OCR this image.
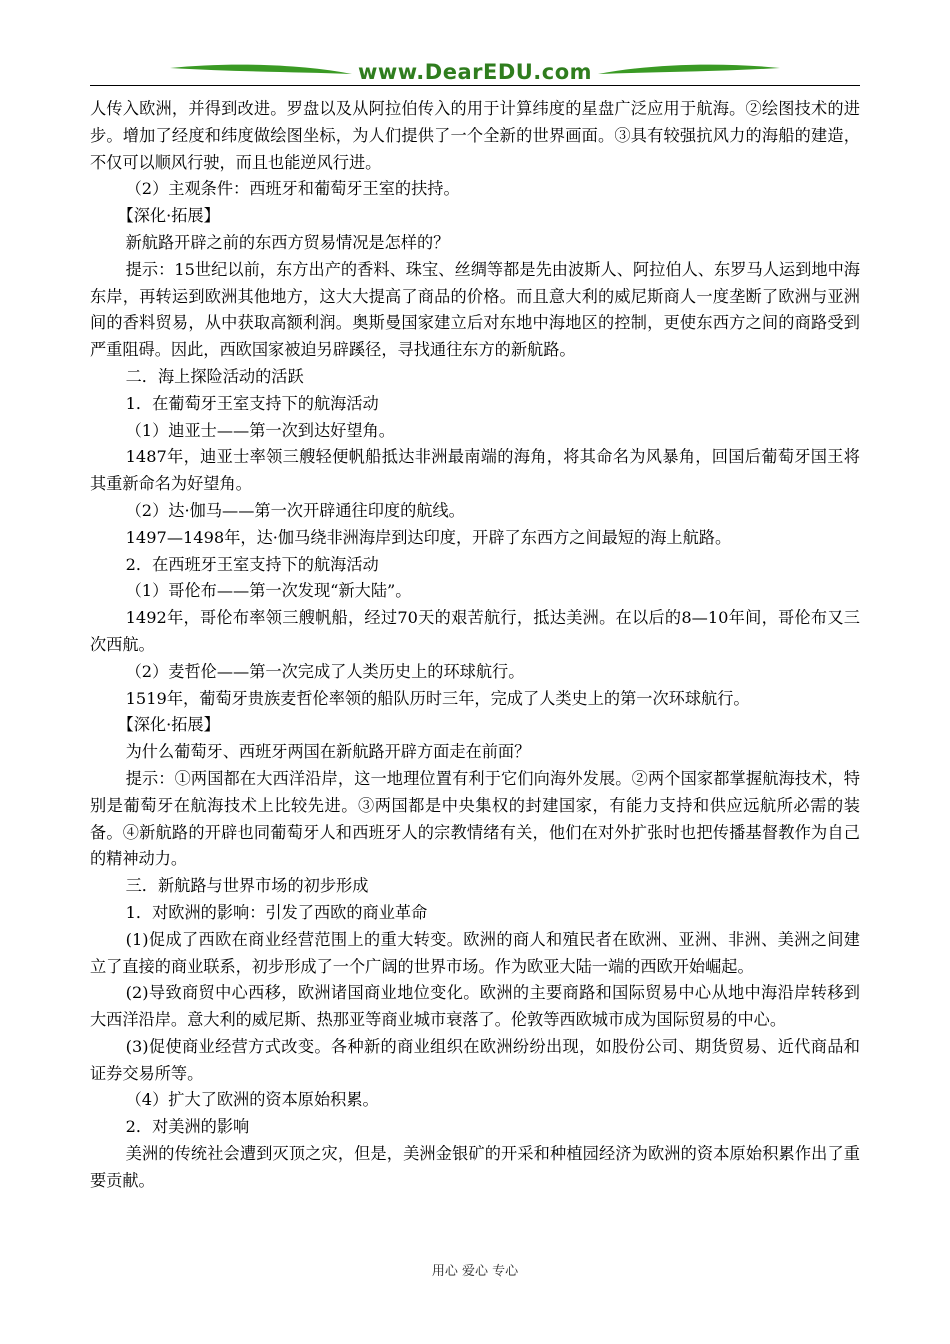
www.DearEDU.com

人传入欧洲，并得到改进。罗盘以及从阿拉伯传入的用于计算纬度的星盘广泛应用于航海。②绘图技术的进步。增加了经度和纬度做绘图坐标，为人们提供了一个全新的世界画面。③具有较强抗风力的海船的建造，不仅可以顺风行驶，而且也能逆风行进。

（2）主观条件：西班牙和葡萄牙王室的扶持。

【深化·拓展】

新航路开辟之前的东西方贸易情况是怎样的？

提示：15世纪以前，东方出产的香料、珠宝、丝绸等都是先由波斯人、阿拉伯人、东罗马人运到地中海东岸，再转运到欧洲其他地方，这大大提高了商品的价格。而且意大利的威尼斯商人一度垄断了欧洲与亚洲间的香料贸易，从中获取高额利润。奥斯曼国家建立后对东地中海地区的控制，更使东西方之间的商路受到严重阻碍。因此，西欧国家被迫另辟蹊径，寻找通往东方的新航路。

二．海上探险活动的活跃

1．在葡萄牙王室支持下的航海活动

（1）迪亚士——第一次到达好望角。

1487年，迪亚士率领三艘轻便帆船抵达非洲最南端的海角，将其命名为风暴角，回国后葡萄牙国王将其重新命名为好望角。

（2）达·伽马——第一次开辟通往印度的航线。

1497—1498年，达·伽马绕非洲海岸到达印度，开辟了东西方之间最短的海上航路。

2．在西班牙王室支持下的航海活动

（1）哥伦布——第一次发现“新大陆”。

1492年，哥伦布率领三艘帆船，经过70天的艰苦航行，抵达美洲。在以后的8—10年间，哥伦布又三次西航。

（2）麦哲伦——第一次完成了人类历史上的环球航行。

1519年，葡萄牙贵族麦哲伦率领的船队历时三年，完成了人类史上的第一次环球航行。

【深化·拓展】

为什么葡萄牙、西班牙两国在新航路开辟方面走在前面？

提示：①两国都在大西洋沿岸，这一地理位置有利于它们向海外发展。②两个国家都掌握航海技术，特别是葡萄牙在航海技术上比较先进。③两国都是中央集权的封建国家，有能力支持和供应远航所必需的装备。④新航路的开辟也同葡萄牙人和西班牙人的宗教情绪有关，他们在对外扩张时也把传播基督教作为自己的精神动力。

三．新航路与世界市场的初步形成

1．对欧洲的影响：引发了西欧的商业革命

(1)促成了西欧在商业经营范围上的重大转变。欧洲的商人和殖民者在欧洲、亚洲、非洲、美洲之间建立了直接的商业联系，初步形成了一个广阔的世界市场。作为欧亚大陆一端的西欧开始崛起。

(2)导致商贸中心西移，欧洲诸国商业地位变化。欧洲的主要商路和国际贸易中心从地中海沿岸转移到大西洋沿岸。意大利的威尼斯、热那亚等商业城市衰落了。伦敦等西欧城市成为国际贸易的中心。

(3)促使商业经营方式改变。各种新的商业组织在欧洲纷纷出现，如股份公司、期货贸易、近代商品和证券交易所等。

（4）扩大了欧洲的资本原始积累。

2．对美洲的影响

美洲的传统社会遭到灭顶之灾，但是，美洲金银矿的开采和种植园经济为欧洲的资本原始积累作出了重要贡献。

用心 爱心 专心
